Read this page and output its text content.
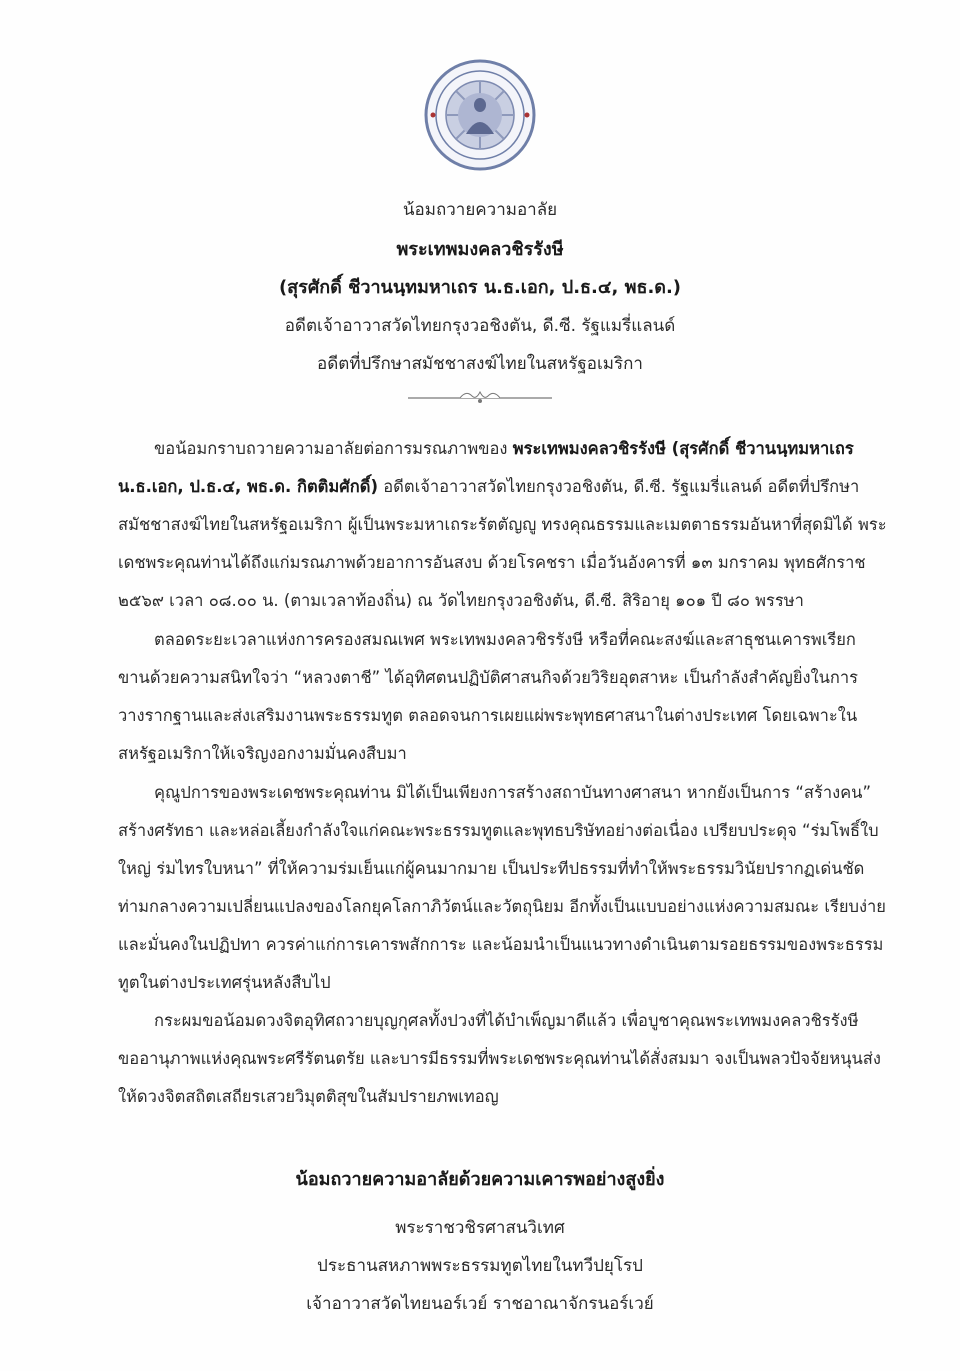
น้อมถวายความอาลัย
พระเทพมงคลวชิรรังษี
(สุรศักดิ์ ชีวานนฺทมหาเถร น.ธ.เอก, ป.ธ.๔, พธ.ด.)
อดีตเจ้าอาวาสวัดไทยกรุงวอชิงตัน, ดี.ซี. รัฐแมรี่แลนด์
อดีตที่ปรึกษาสมัชชาสงฆ์ไทยในสหรัฐอเมริกา
ขอน้อมกราบถวายความอาลัยต่อการมรณภาพของ พระเทพมงคลวชิรรังษี (สุรศักดิ์ ชีวานนฺทมหาเถร
น.ธ.เอก, ป.ธ.๔, พธ.ด. กิตติมศักดิ์) อดีตเจ้าอาวาสวัดไทยกรุงวอชิงตัน, ดี.ซี. รัฐแมรี่แลนด์ อดีตที่ปรึกษา
สมัชชาสงฆ์ไทยในสหรัฐอเมริกา ผู้เป็นพระมหาเถระรัตตัญญู ทรงคุณธรรมและเมตตาธรรมอันหาที่สุดมิได้ พระ
เดชพระคุณท่านได้ถึงแก่มรณภาพด้วยอาการอันสงบ ด้วยโรคชรา เมื่อวันอังคารที่ ๑๓ มกราคม พุทธศักราช
๒๕๖๙ เวลา ๐๘.๐๐ น. (ตามเวลาท้องถิ่น) ณ วัดไทยกรุงวอชิงตัน, ดี.ซี. สิริอายุ ๑๐๑ ปี ๘๐ พรรษา
ตลอดระยะเวลาแห่งการครองสมณเพศ พระเทพมงคลวชิรรังษี หรือที่คณะสงฆ์และสาธุชนเคารพเรียก
ขานด้วยความสนิทใจว่า “หลวงตาชี” ได้อุทิศตนปฏิบัติศาสนกิจด้วยวิริยอุตสาหะ เป็นกำลังสำคัญยิ่งในการ
วางรากฐานและส่งเสริมงานพระธรรมทูต ตลอดจนการเผยแผ่พระพุทธศาสนาในต่างประเทศ โดยเฉพาะใน
สหรัฐอเมริกาให้เจริญงอกงามมั่นคงสืบมา
คุณูปการของพระเดชพระคุณท่าน มิได้เป็นเพียงการสร้างสถาบันทางศาสนา หากยังเป็นการ “สร้างคน”
สร้างศรัทธา และหล่อเลี้ยงกำลังใจแก่คณะพระธรรมทูตและพุทธบริษัทอย่างต่อเนื่อง เปรียบประดุจ “ร่มโพธิ์ใบ
ใหญ่ ร่มไทรใบหนา” ที่ให้ความร่มเย็นแก่ผู้คนมากมาย เป็นประทีปธรรมที่ทำให้พระธรรมวินัยปรากฏเด่นชัด
ท่ามกลางความเปลี่ยนแปลงของโลกยุคโลกาภิวัตน์และวัตถุนิยม อีกทั้งเป็นแบบอย่างแห่งความสมณะ เรียบง่าย
และมั่นคงในปฏิปทา ควรค่าแก่การเคารพสักการะ และน้อมนำเป็นแนวทางดำเนินตามรอยธรรมของพระธรรม
ทูตในต่างประเทศรุ่นหลังสืบไป
กระผมขอน้อมดวงจิตอุทิศถวายบุญกุศลทั้งปวงที่ได้บำเพ็ญมาดีแล้ว เพื่อบูชาคุณพระเทพมงคลวชิรรังษี
ขออานุภาพแห่งคุณพระศรีรัตนตรัย และบารมีธรรมที่พระเดชพระคุณท่านได้สั่งสมมา จงเป็นพลวปัจจัยหนุนส่ง
ให้ดวงจิตสถิตเสถียรเสวยวิมุตติสุขในสัมปรายภพเทอญ
น้อมถวายความอาลัยด้วยความเคารพอย่างสูงยิ่ง
พระราชวชิรศาสนวิเทศ
ประธานสหภาพพระธรรมทูตไทยในทวีปยุโรป
เจ้าอาวาสวัดไทยนอร์เวย์ ราชอาณาจักรนอร์เวย์
